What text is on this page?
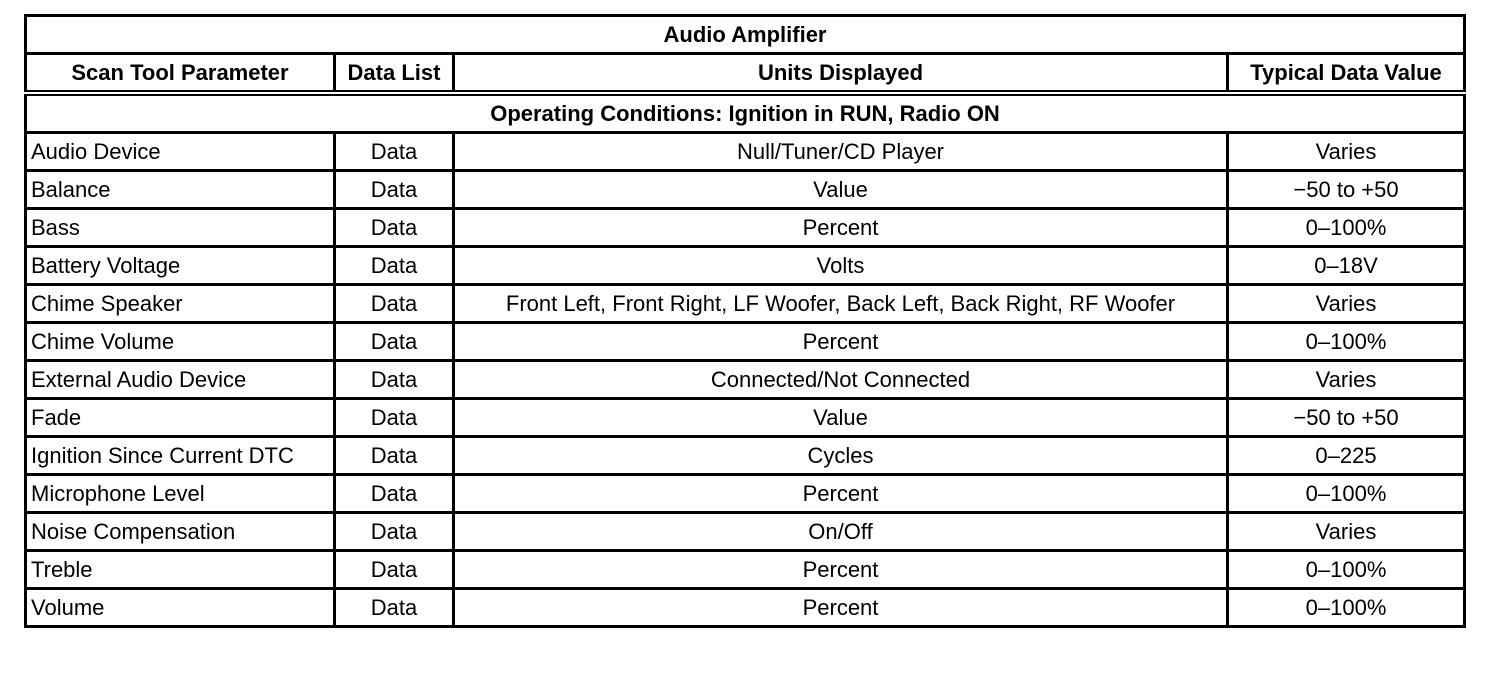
Audio Amplifier			
Scan Tool Parameter	Data List	Units Displayed	Typical Data Value
Operating Conditions: Ignition in RUN, Radio ON			
Audio Device	Data	Null/Tuner/CD Player	Varies
Balance	Data	Value	−50 to +50
Bass	Data	Percent	0–100%
Battery Voltage	Data	Volts	0–18V
Chime Speaker	Data	Front Left, Front Right, LF Woofer, Back Left, Back Right, RF Woofer	Varies
Chime Volume	Data	Percent	0–100%
External Audio Device	Data	Connected/Not Connected	Varies
Fade	Data	Value	−50 to +50
Ignition Since Current DTC	Data	Cycles	0–225
Microphone Level	Data	Percent	0–100%
Noise Compensation	Data	On/Off	Varies
Treble	Data	Percent	0–100%
Volume	Data	Percent	0–100%
